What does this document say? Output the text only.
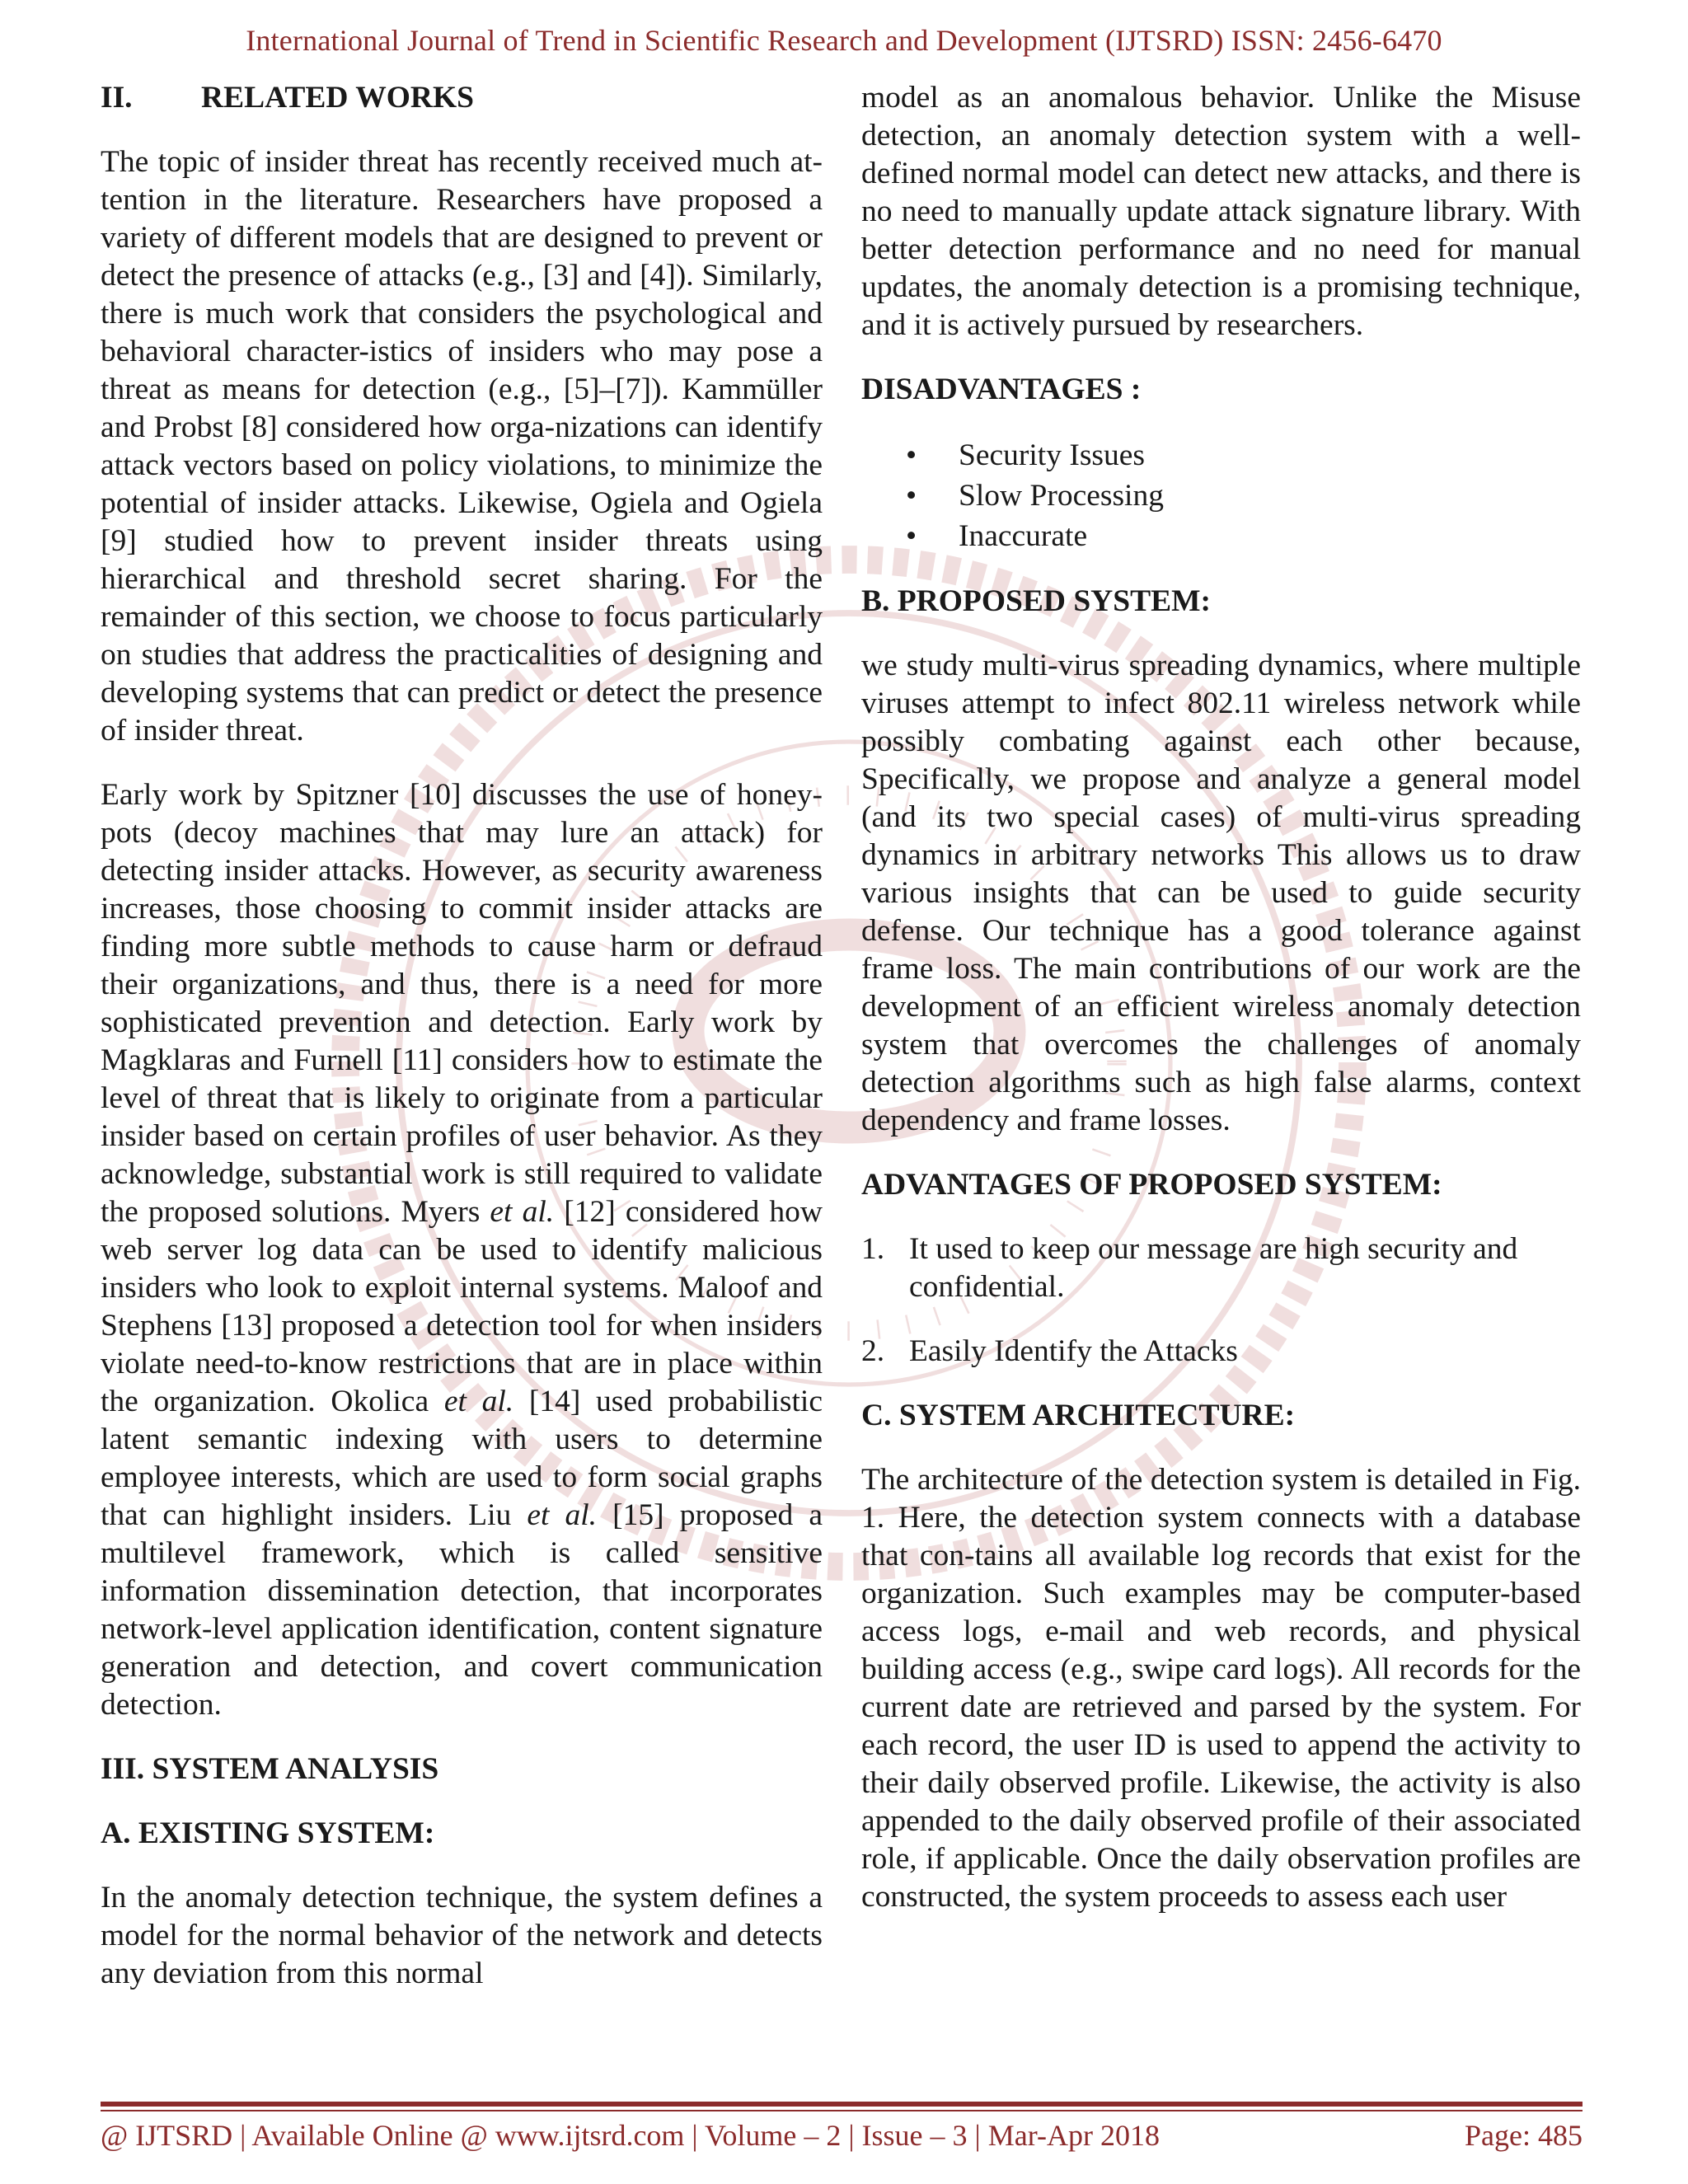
International Journal of Trend in Scientific Research and Development (IJTSRD) ISSN: 2456-6470
II. RELATED WORKS

The topic of insider threat has recently received much at-tention in the literature. Researchers have proposed a variety of different models that are designed to prevent or detect the presence of attacks (e.g., [3] and [4]). Similarly, there is much work that considers the psychological and behavioral character-istics of insiders who may pose a threat as means for detection (e.g., [5]–[7]). Kammüller and Probst [8] considered how orga-nizations can identify attack vectors based on policy violations, to minimize the potential of insider attacks. Likewise, Ogiela and Ogiela [9] studied how to prevent insider threats using hierarchical and threshold secret sharing. For the remainder of this section, we choose to focus particularly on studies that address the practicalities of designing and developing systems that can predict or detect the presence of insider threat.

Early work by Spitzner [10] discusses the use of honey-pots (decoy machines that may lure an attack) for detecting insider attacks. However, as security awareness increases, those choosing to commit insider attacks are finding more subtle methods to cause harm or defraud their organizations, and thus, there is a need for more sophisticated prevention and detection. Early work by Magklaras and Furnell [11] considers how to estimate the level of threat that is likely to originate from a particular insider based on certain profiles of user behavior. As they acknowledge, substantial work is still required to validate the proposed solutions. Myers et al. [12] considered how web server log data can be used to identify malicious insiders who look to exploit internal systems. Maloof and Stephens [13] proposed a detection tool for when insiders violate need-to-know restrictions that are in place within the organization. Okolica et al. [14] used probabilistic latent semantic indexing with users to determine employee interests, which are used to form social graphs that can highlight insiders. Liu et al. [15] proposed a multilevel framework, which is called sensitive information dissemination detection, that incorporates network-level application identification, content signature generation and detection, and covert communication detection.

III. SYSTEM ANALYSIS
A. EXISTING SYSTEM:

In the anomaly detection technique, the system defines a model for the normal behavior of the network and detects any deviation from this normal

model as an anomalous behavior. Unlike the Misuse detection, an anomaly detection system with a well-defined normal model can detect new attacks, and there is no need to manually update attack signature library. With better detection performance and no need for manual updates, the anomaly detection is a promising technique, and it is actively pursued by researchers.

DISADVANTAGES :
• Security Issues
• Slow Processing
• Inaccurate
B. PROPOSED SYSTEM:

we study multi-virus spreading dynamics, where multiple viruses attempt to infect 802.11 wireless network while possibly combating against each other because, Specifically, we propose and analyze a general model (and its two special cases) of multi-virus spreading dynamics in arbitrary networks This allows us to draw various insights that can be used to guide security defense. Our technique has a good tolerance against frame loss. The main contributions of our work are the development of an efficient wireless anomaly detection system that overcomes the challenges of anomaly detection algorithms such as high false alarms, context dependency and frame losses.

ADVANTAGES OF PROPOSED SYSTEM:
1. It used to keep our message are high security and confidential.
2. Easily Identify the Attacks
C. SYSTEM ARCHITECTURE:

The architecture of the detection system is detailed in Fig. 1. Here, the detection system connects with a database that con-tains all available log records that exist for the organization. Such examples may be computer-based access logs, e-mail and web records, and physical building access (e.g., swipe card logs). All records for the current date are retrieved and parsed by the system. For each record, the user ID is used to append the activity to their daily observed profile. Likewise, the activity is also appended to the daily observed profile of their associated role, if applicable. Once the daily observation profiles are constructed, the system proceeds to assess each user

@ IJTSRD | Available Online @ www.ijtsrd.com | Volume – 2 | Issue – 3 | Mar-Apr 2018	Page: 485
